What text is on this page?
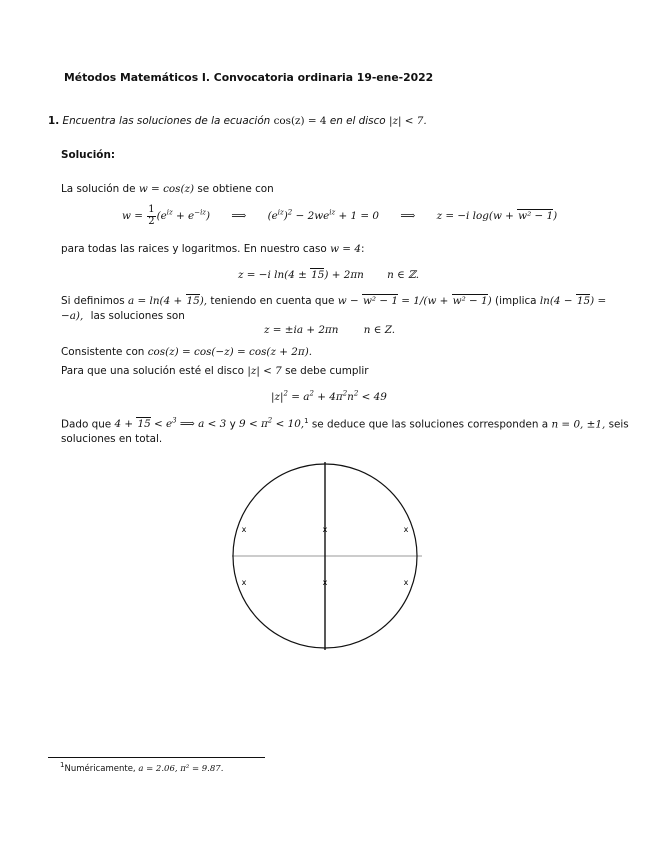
Métodos Matemáticos I. Convocatoria ordinaria 19-ene-2022
1. Encuentra las soluciones de la ecuación cos(z) = 4 en el disco |z| < 7.
Solución:
La solución de w = cos(z) se obtiene con
$w = \frac{1}{2} (e^{iz} + e^{-iz})$ ⟹ $(e^{iz})^2 - 2we^{iz} + 1 = 0$ ⟹ z = −i log(w + w² − 1)
para todas las raices y logaritmos. En nuestro caso w = 4:
z = −i ln(4 ± 15) + 2πn n ∈ ℤ.
Si definimos a = ln(4 + 15), teniendo en cuenta que w − w² − 1 = 1/(w + w² − 1) (implica ln(4 − 15) =
−a), las soluciones son
z = ±ia + 2πn n ∈ Z.
Consistente con cos(z) = cos(−z) = cos(z + 2π).
Para que una solución esté el disco |z| < 7 se debe cumplir
$|z|^2 = a^2 + 4\pi^2n^2 < 49$
Dado que $4 + 15 < e^3$ ⟹ a < 3 y $9 < \pi^2 < 10,^1$ se deduce que las soluciones corresponden a n = 0, ±1, seis
soluciones en total.
x	x	x
x	x	x
$^1$Numéricamente, a = 2.06, π² = 9.87.
